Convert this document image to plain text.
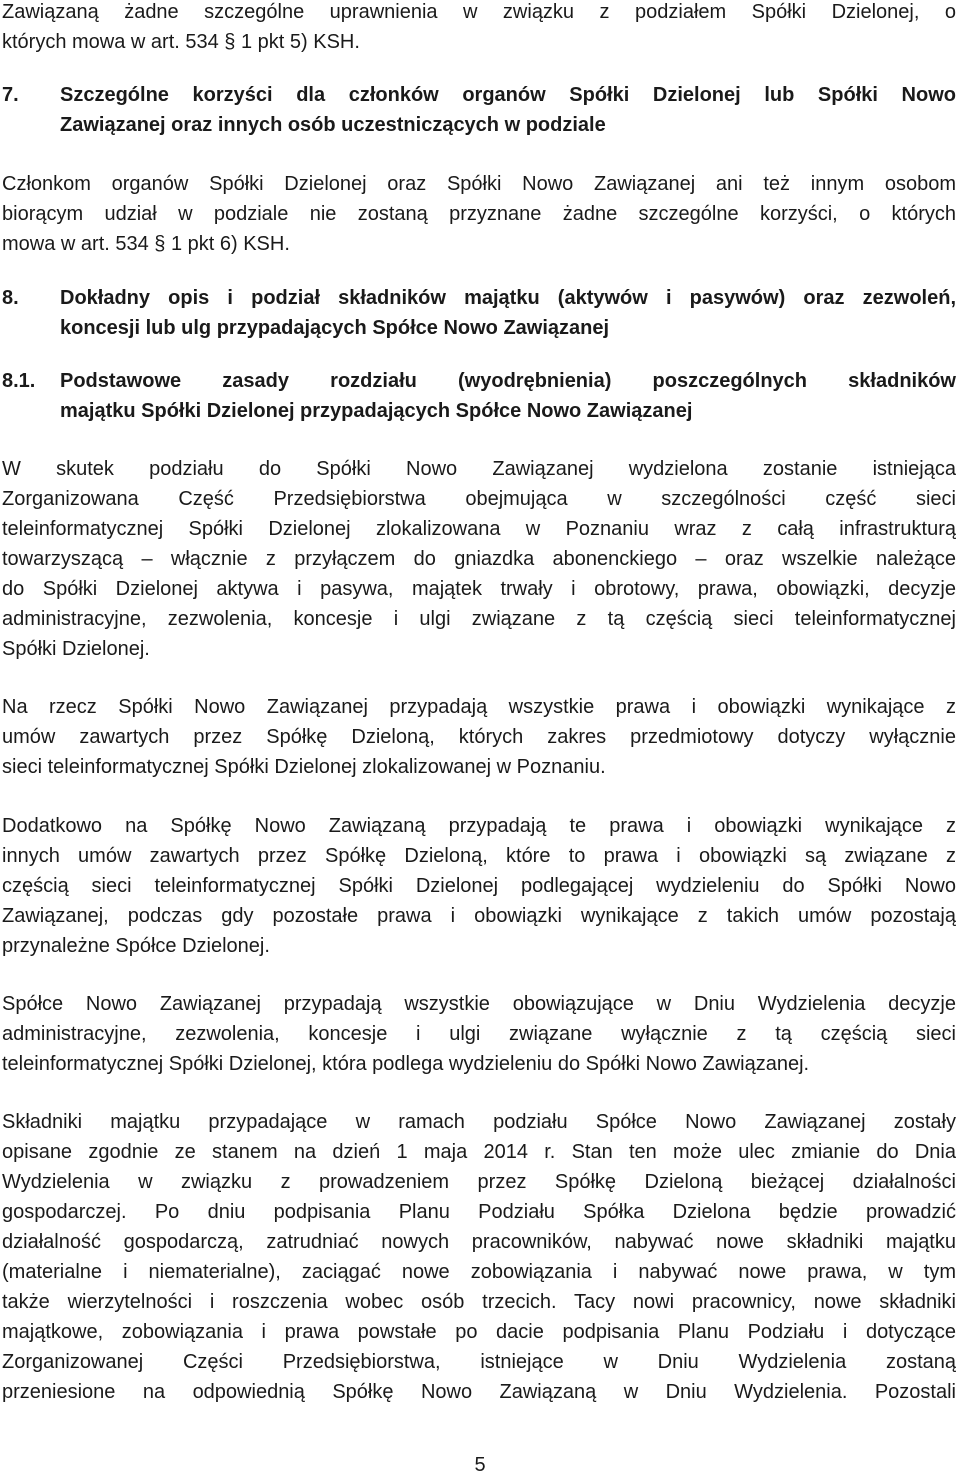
Zawiązaną żadne szczególne uprawnienia w związku z podziałem Spółki Dzielonej, o
których mowa w art. 534 § 1 pkt 5) KSH.
7. Szczególne korzyści dla członków organów Spółki Dzielonej lub Spółki Nowo
Zawiązanej oraz innych osób uczestniczących w podziale
Członkom organów Spółki Dzielonej oraz Spółki Nowo Zawiązanej ani też innym osobom
biorącym udział w podziale nie zostaną przyznane żadne szczególne korzyści, o których
mowa w art. 534 § 1 pkt 6) KSH.
8. Dokładny opis i podział składników majątku (aktywów i pasywów) oraz zezwoleń,
koncesji lub ulg przypadających Spółce Nowo Zawiązanej
8.1. Podstawowe zasady rozdziału (wyodrębnienia) poszczególnych składników
majątku Spółki Dzielonej przypadających Spółce Nowo Zawiązanej
W skutek podziału do Spółki Nowo Zawiązanej wydzielona zostanie istniejąca
Zorganizowana Część Przedsiębiorstwa obejmująca w szczególności część sieci
teleinformatycznej Spółki Dzielonej zlokalizowana w Poznaniu wraz z całą infrastrukturą
towarzyszącą – włącznie z przyłączem do gniazdka abonenckiego – oraz wszelkie należące
do Spółki Dzielonej aktywa i pasywa, majątek trwały i obrotowy, prawa, obowiązki, decyzje
administracyjne, zezwolenia, koncesje i ulgi związane z tą częścią sieci teleinformatycznej
Spółki Dzielonej.
Na rzecz Spółki Nowo Zawiązanej przypadają wszystkie prawa i obowiązki wynikające z
umów zawartych przez Spółkę Dzieloną, których zakres przedmiotowy dotyczy wyłącznie
sieci teleinformatycznej Spółki Dzielonej zlokalizowanej w Poznaniu.
Dodatkowo na Spółkę Nowo Zawiązaną przypadają te prawa i obowiązki wynikające z
innych umów zawartych przez Spółkę Dzieloną, które to prawa i obowiązki są związane z
częścią sieci teleinformatycznej Spółki Dzielonej podlegającej wydzieleniu do Spółki Nowo
Zawiązanej, podczas gdy pozostałe prawa i obowiązki wynikające z takich umów pozostają
przynależne Spółce Dzielonej.
Spółce Nowo Zawiązanej przypadają wszystkie obowiązujące w Dniu Wydzielenia decyzje
administracyjne, zezwolenia, koncesje i ulgi związane wyłącznie z tą częścią sieci
teleinformatycznej Spółki Dzielonej, która podlega wydzieleniu do Spółki Nowo Zawiązanej.
Składniki majątku przypadające w ramach podziału Spółce Nowo Zawiązanej zostały
opisane zgodnie ze stanem na dzień 1 maja 2014 r. Stan ten może ulec zmianie do Dnia
Wydzielenia w związku z prowadzeniem przez Spółkę Dzieloną bieżącej działalności
gospodarczej. Po dniu podpisania Planu Podziału Spółka Dzielona będzie prowadzić
działalność gospodarczą, zatrudniać nowych pracowników, nabywać nowe składniki majątku
(materialne i niematerialne), zaciągać nowe zobowiązania i nabywać nowe prawa, w tym
także wierzytelności i roszczenia wobec osób trzecich. Tacy nowi pracownicy, nowe składniki
majątkowe, zobowiązania i prawa powstałe po dacie podpisania Planu Podziału i dotyczące
Zorganizowanej Części Przedsiębiorstwa, istniejące w Dniu Wydzielenia zostaną
przeniesione na odpowiednią Spółkę Nowo Zawiązaną w Dniu Wydzielenia. Pozostali
5
